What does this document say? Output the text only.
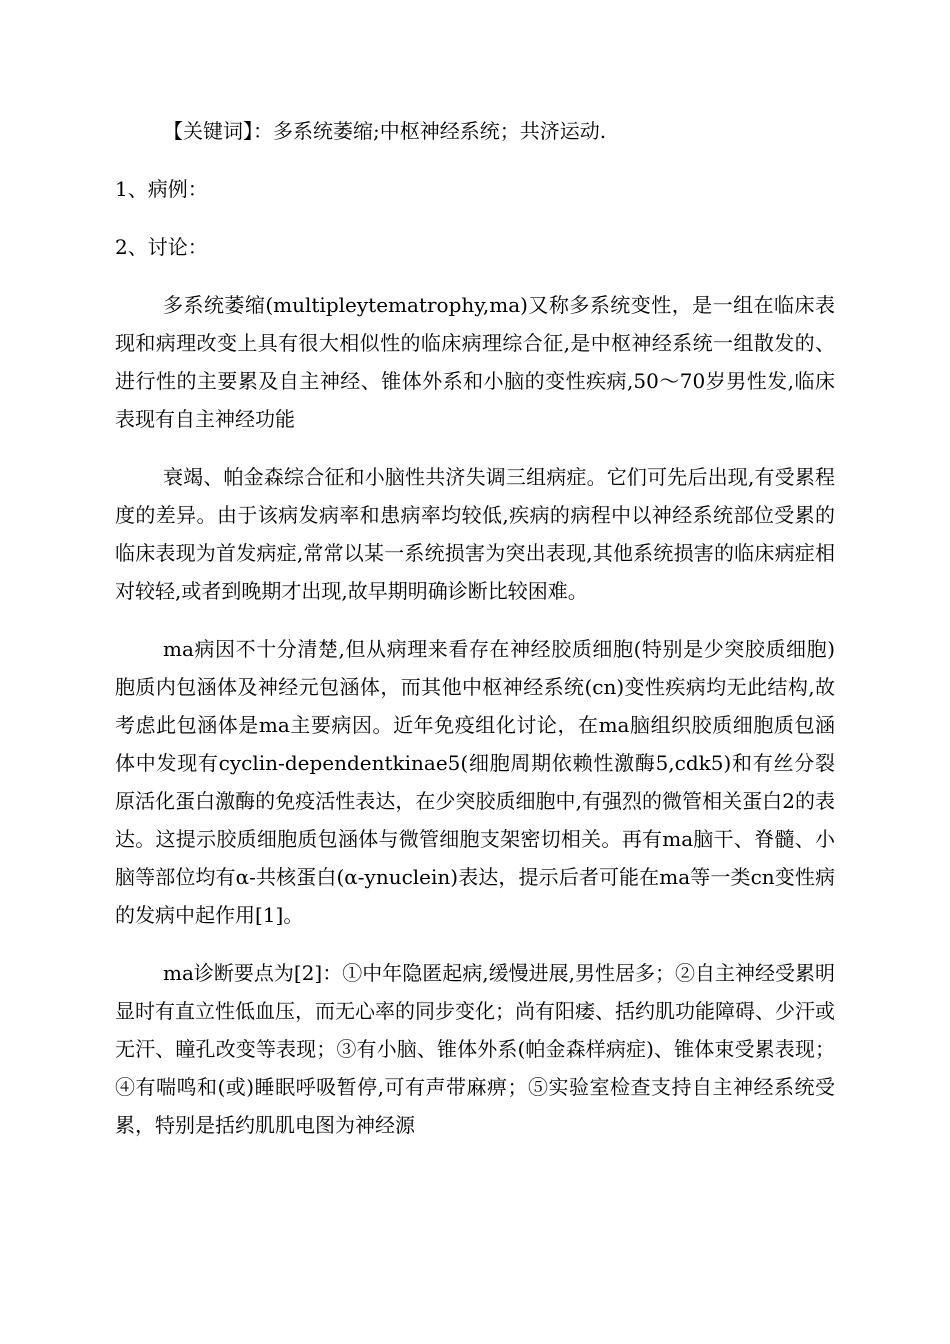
【关键词】：多系统萎缩;中枢神经系统；共济运动.

1、病例：

2、讨论：

多系统萎缩(multipleytematrophy,ma)又称多系统变性，是一组在临床表现和病理改变上具有很大相似性的临床病理综合征,是中枢神经系统一组散发的、进行性的主要累及自主神经、锥体外系和小脑的变性疾病,50～70岁男性发,临床表现有自主神经功能

衰竭、帕金森综合征和小脑性共济失调三组病症。它们可先后出现,有受累程度的差异。由于该病发病率和患病率均较低,疾病的病程中以神经系统部位受累的临床表现为首发病症,常常以某一系统损害为突出表现,其他系统损害的临床病症相对较轻,或者到晚期才出现,故早期明确诊断比较困难。

ma病因不十分清楚,但从病理来看存在神经胶质细胞(特别是少突胶质细胞)胞质内包涵体及神经元包涵体，而其他中枢神经系统(cn)变性疾病均无此结构,故考虑此包涵体是ma主要病因。近年免疫组化讨论，在ma脑组织胶质细胞质包涵体中发现有cyclin-dependentkinae5(细胞周期依赖性激酶5,cdk5)和有丝分裂原活化蛋白激酶的免疫活性表达，在少突胶质细胞中,有强烈的微管相关蛋白2的表达。这提示胶质细胞质包涵体与微管细胞支架密切相关。再有ma脑干、脊髓、小脑等部位均有α-共核蛋白(α-ynuclein)表达，提示后者可能在ma等一类cn变性病的发病中起作用[1]。

ma诊断要点为[2]：①中年隐匿起病,缓慢进展,男性居多；②自主神经受累明显时有直立性低血压，而无心率的同步变化；尚有阳痿、括约肌功能障碍、少汗或无汗、瞳孔改变等表现；③有小脑、锥体外系(帕金森样病症)、锥体束受累表现；④有喘鸣和(或)睡眠呼吸暂停,可有声带麻痹；⑤实验室检查支持自主神经系统受累，特别是括约肌肌电图为神经源
